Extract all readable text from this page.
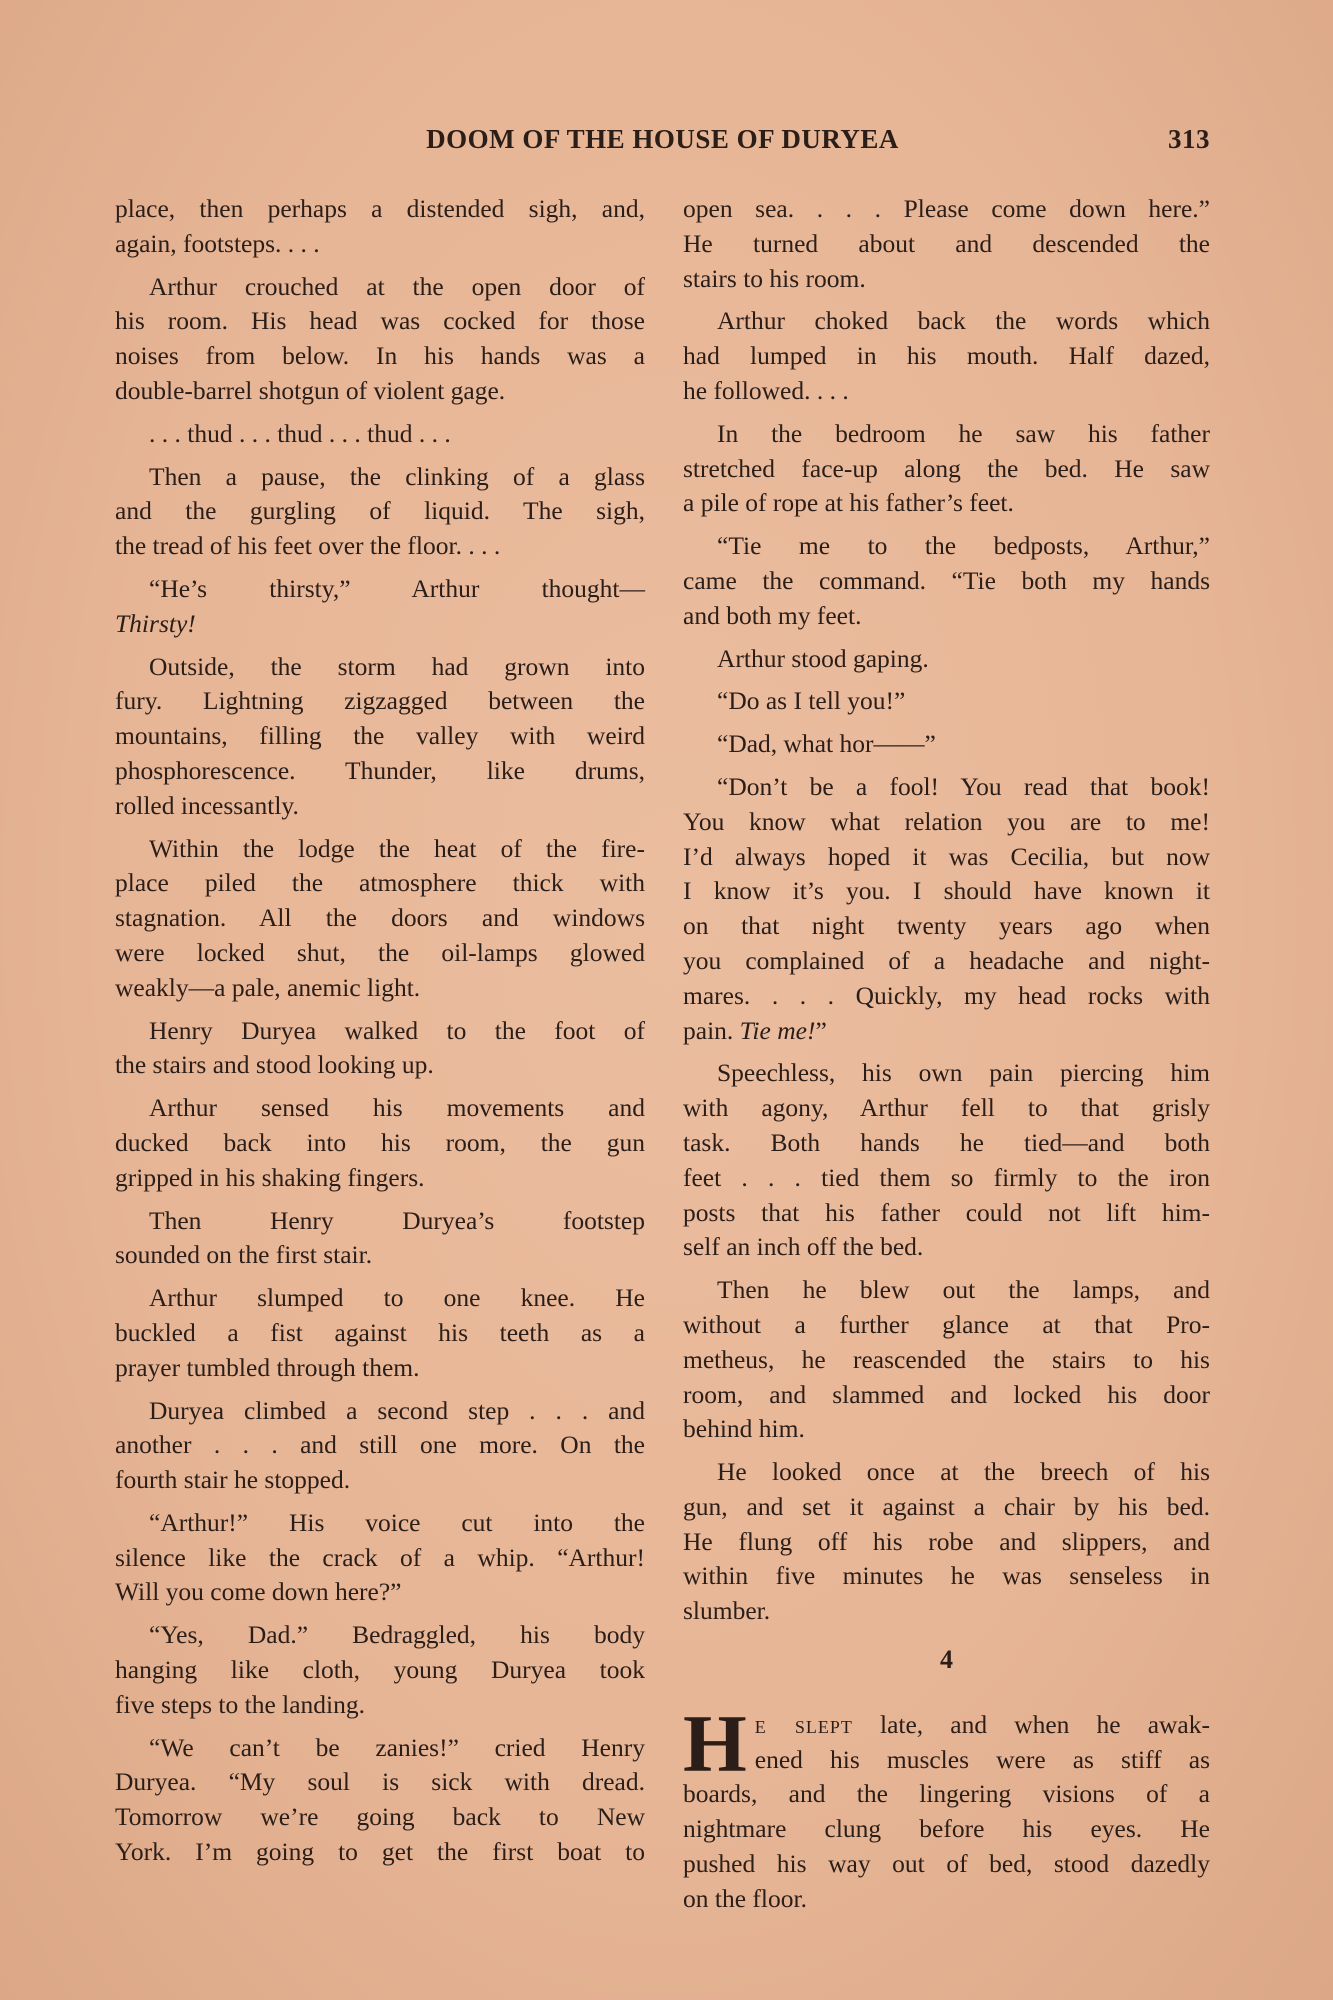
DOOM OF THE HOUSE OF DURYEA	313
place, then perhaps a distended sigh, and,
again, footsteps. . . .
Arthur crouched at the open door of
his room. His head was cocked for those
noises from below. In his hands was a
double-barrel shotgun of violent gage.
. . . thud . . . thud . . . thud . . .
Then a pause, the clinking of a glass
and the gurgling of liquid. The sigh,
the tread of his feet over the floor. . . .
“He’s thirsty,” Arthur thought—
Thirsty!
Outside, the storm had grown into
fury. Lightning zigzagged between the
mountains, filling the valley with weird
phosphorescence. Thunder, like drums,
rolled incessantly.
Within the lodge the heat of the fire-
place piled the atmosphere thick with
stagnation. All the doors and windows
were locked shut, the oil-lamps glowed
weakly—a pale, anemic light.
Henry Duryea walked to the foot of
the stairs and stood looking up.
Arthur sensed his movements and
ducked back into his room, the gun
gripped in his shaking fingers.
Then Henry Duryea’s footstep
sounded on the first stair.
Arthur slumped to one knee. He
buckled a fist against his teeth as a
prayer tumbled through them.
Duryea climbed a second step . . . and
another . . . and still one more. On the
fourth stair he stopped.
“Arthur!” His voice cut into the
silence like the crack of a whip. “Arthur!
Will you come down here?”
“Yes, Dad.” Bedraggled, his body
hanging like cloth, young Duryea took
five steps to the landing.
“We can’t be zanies!” cried Henry
Duryea. “My soul is sick with dread.
Tomorrow we’re going back to New
York. I’m going to get the first boat to
open sea. . . . Please come down here.”
He turned about and descended the
stairs to his room.
Arthur choked back the words which
had lumped in his mouth. Half dazed,
he followed. . . .
In the bedroom he saw his father
stretched face-up along the bed. He saw
a pile of rope at his father’s feet.
“Tie me to the bedposts, Arthur,”
came the command. “Tie both my hands
and both my feet.
Arthur stood gaping.
“Do as I tell you!”
“Dad, what hor——”
“Don’t be a fool! You read that book!
You know what relation you are to me!
I’d always hoped it was Cecilia, but now
I know it’s you. I should have known it
on that night twenty years ago when
you complained of a headache and night-
mares. . . . Quickly, my head rocks with
pain. Tie me!”
Speechless, his own pain piercing him
with agony, Arthur fell to that grisly
task. Both hands he tied—and both
feet . . . tied them so firmly to the iron
posts that his father could not lift him-
self an inch off the bed.
Then he blew out the lamps, and
without a further glance at that Pro-
metheus, he reascended the stairs to his
room, and slammed and locked his door
behind him.
He looked once at the breech of his
gun, and set it against a chair by his bed.
He flung off his robe and slippers, and
within five minutes he was senseless in
slumber.
4
H e slept late, and when he awak-
ened his muscles were as stiff as
boards, and the lingering visions of a
nightmare clung before his eyes. He
pushed his way out of bed, stood dazedly
on the floor.
